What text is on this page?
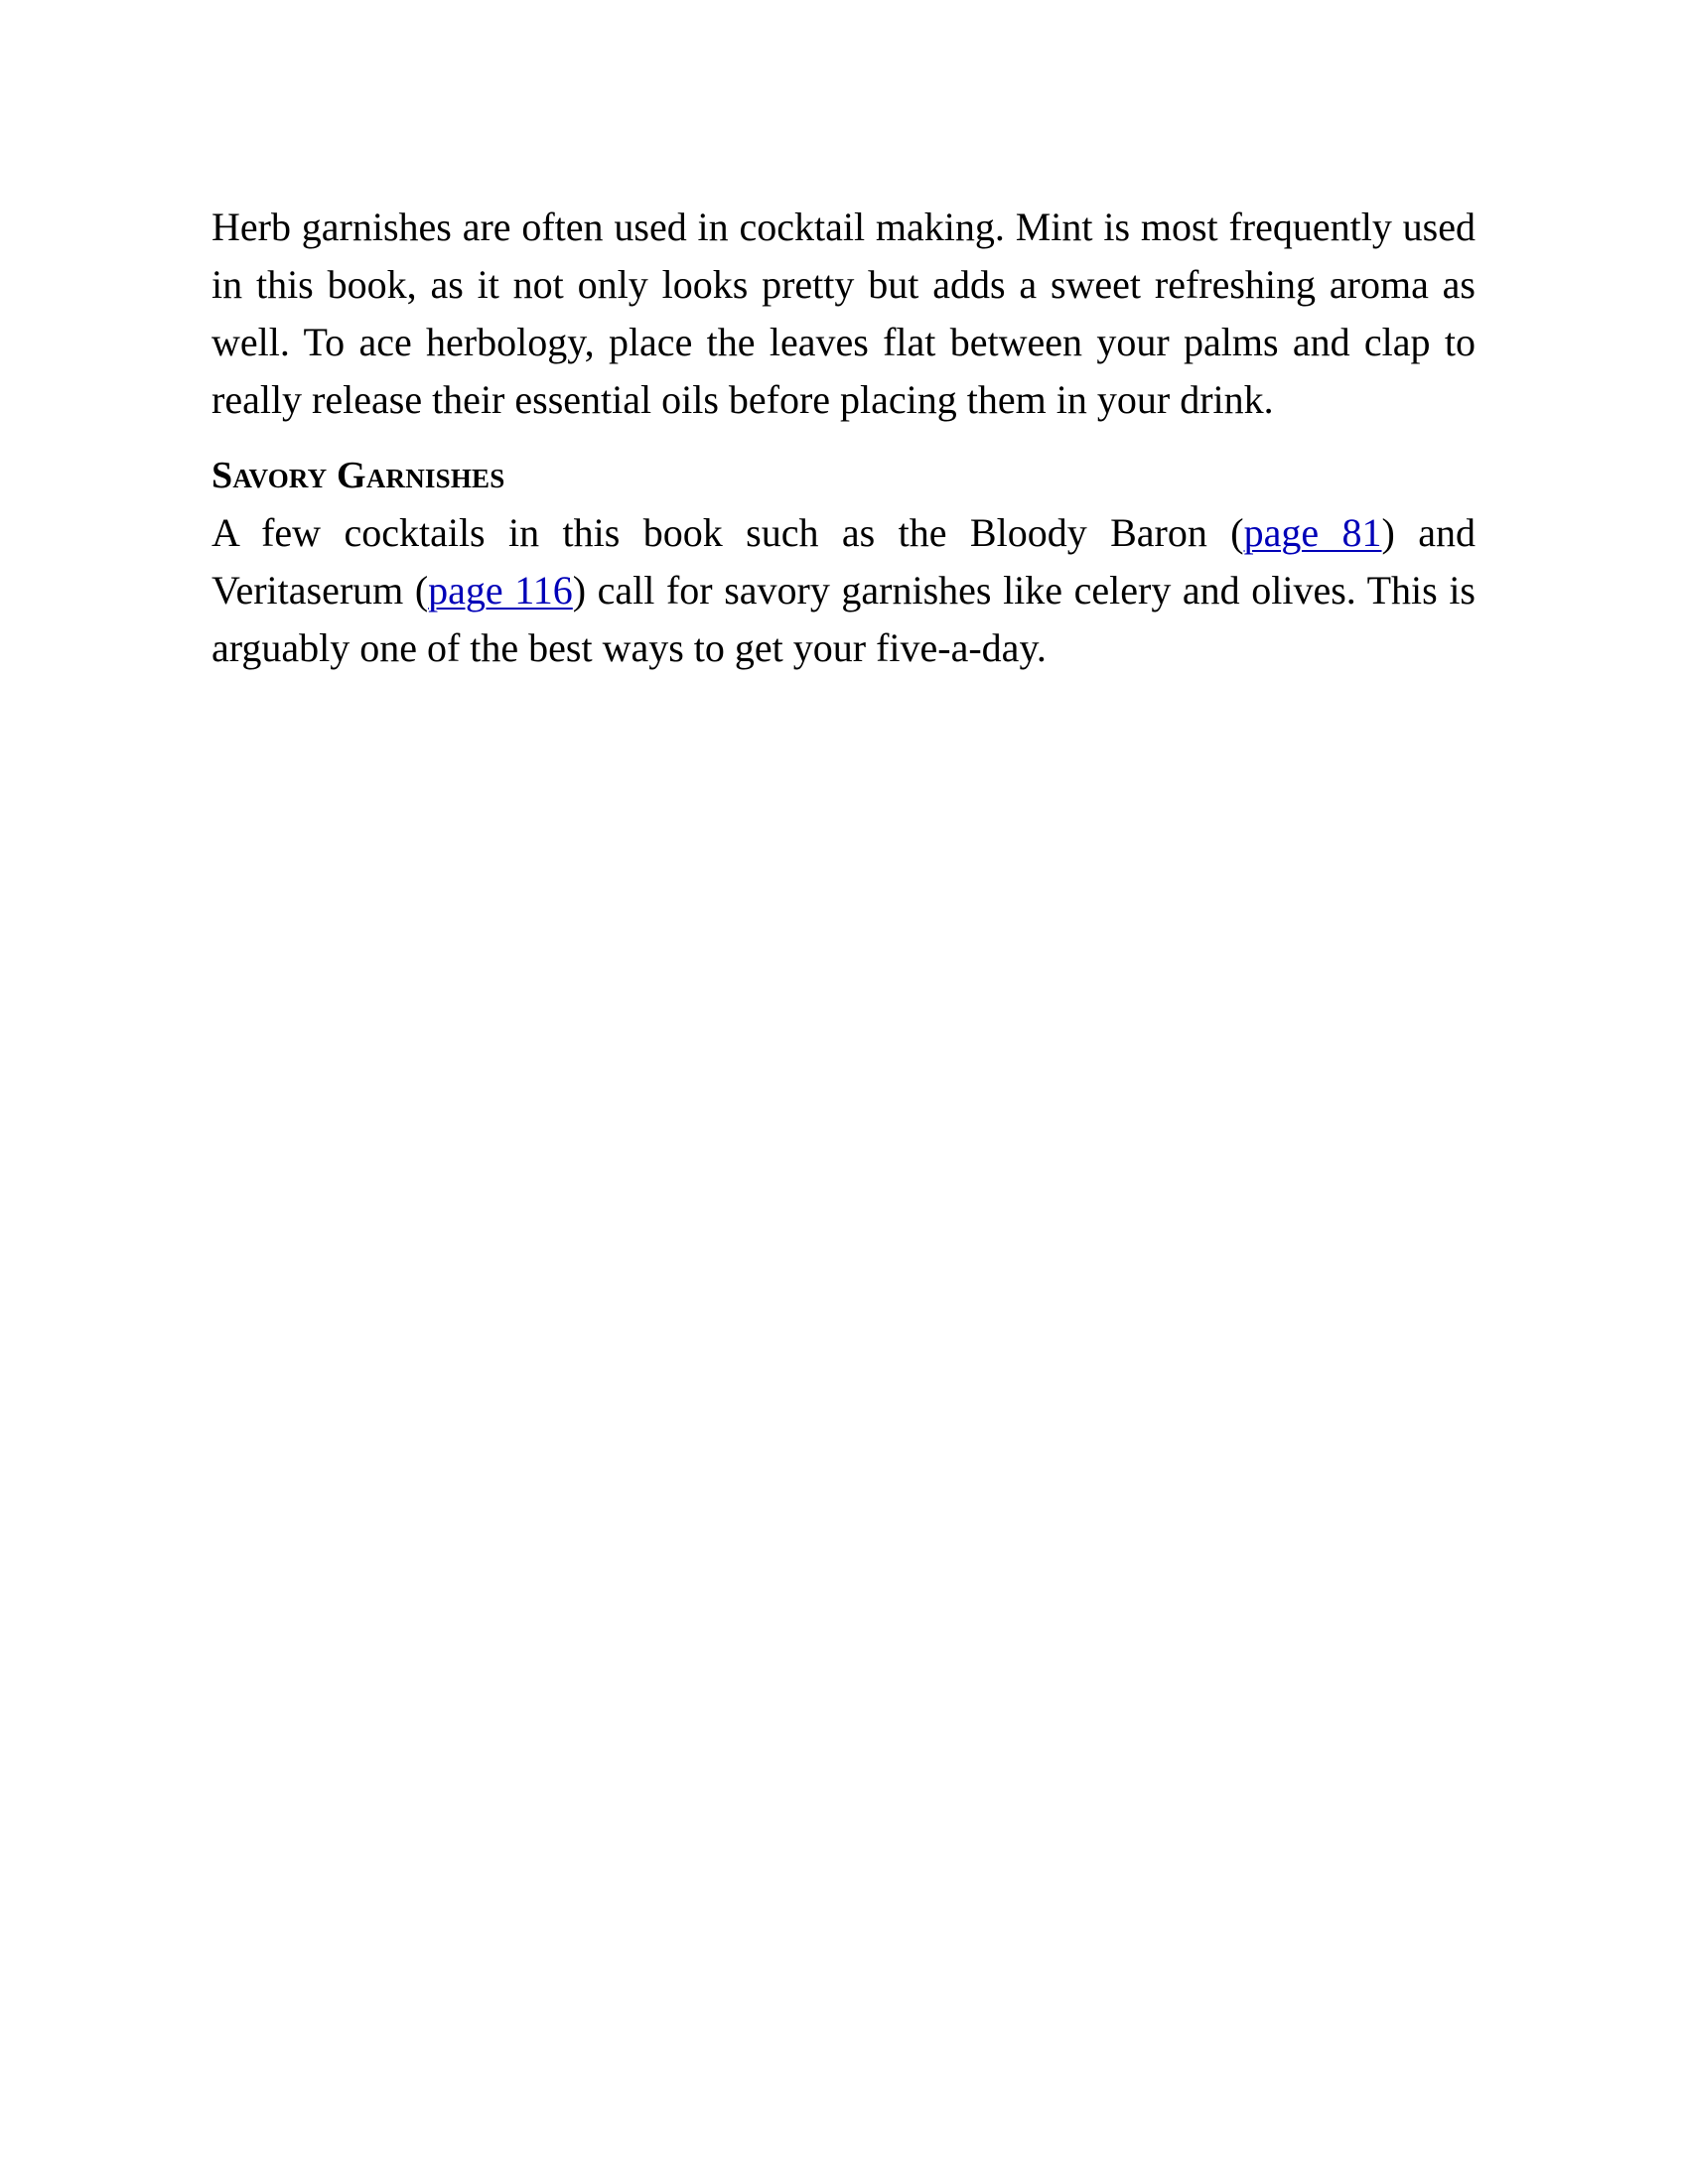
Herb garnishes are often used in cocktail making. Mint is most frequently used in this book, as it not only looks pretty but adds a sweet refreshing aroma as well. To ace herbology, place the leaves flat between your palms and clap to really release their essential oils before placing them in your drink.

Savory Garnishes

A few cocktails in this book such as the Bloody Baron (page 81) and Veritaserum (page 116) call for savory garnishes like celery and olives. This is arguably one of the best ways to get your five-a-day.
